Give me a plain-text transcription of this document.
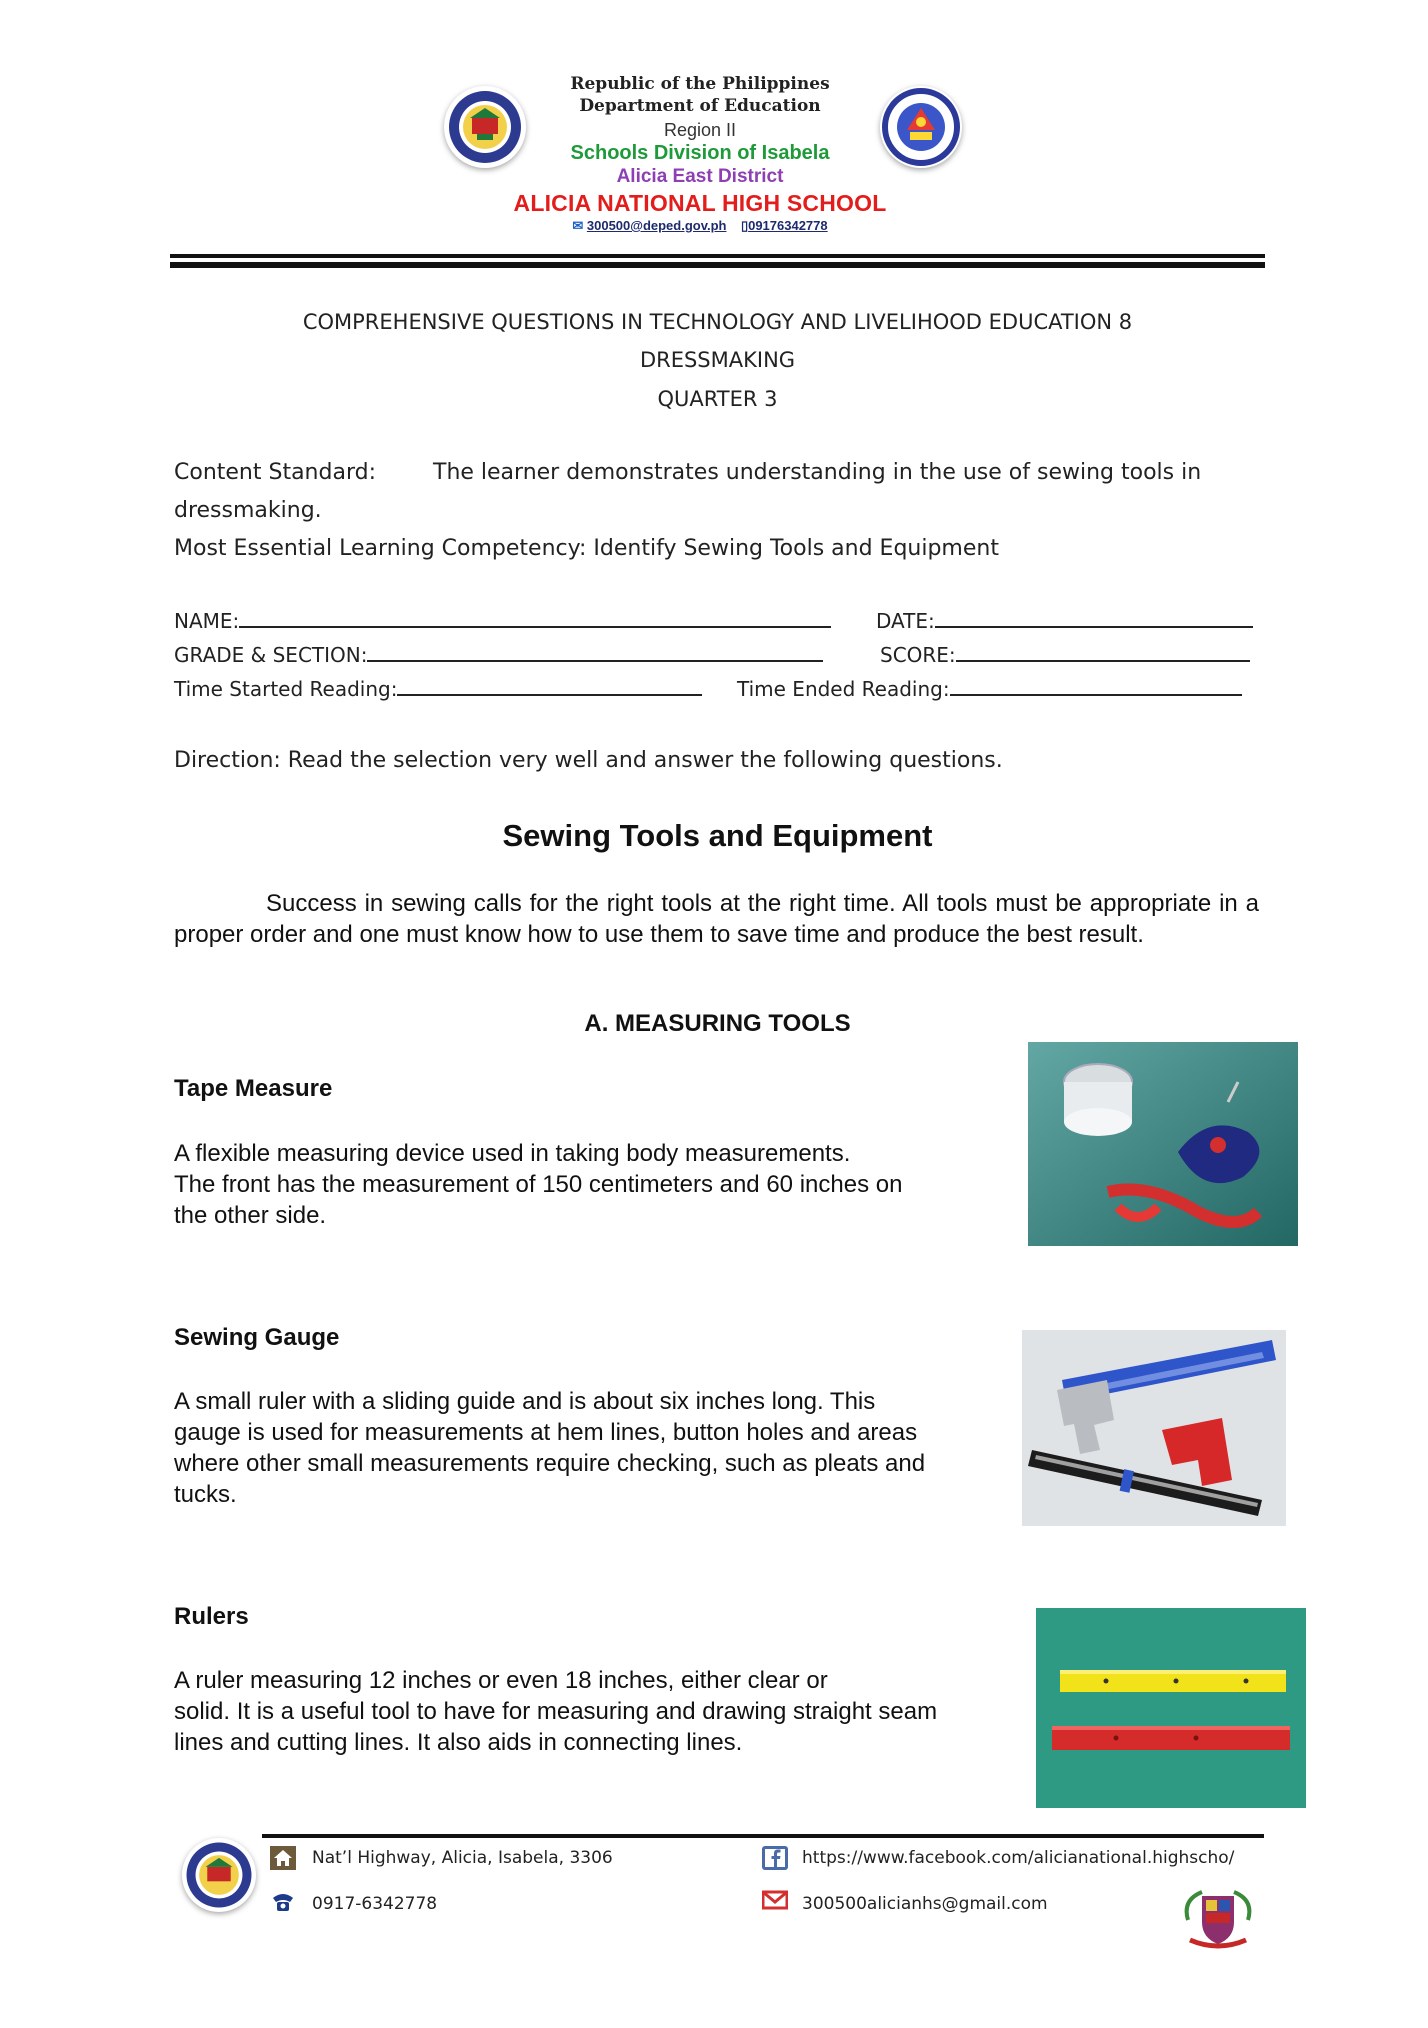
Republic of the Philippines
Department of Education
Region II
Schools Division of Isabela
Alicia East District
ALICIA NATIONAL HIGH SCHOOL
✉ 300500@deped.gov.ph ▯09176342778
COMPREHENSIVE QUESTIONS IN TECHNOLOGY AND LIVELIHOOD EDUCATION 8
DRESSMAKING
QUARTER 3
Content Standard:	The learner demonstrates understanding in the use of sewing tools in
dressmaking.
Most Essential Learning Competency: Identify Sewing Tools and Equipment
NAME:	DATE:
GRADE & SECTION:	SCORE:
Time Started Reading:	Time Ended Reading:
Direction: Read the selection very well and answer the following questions.
Sewing Tools and Equipment
Success in sewing calls for the right tools at the right time. All tools must be appropriate in a proper order and one must know how to use them to save time and produce the best result.
A. MEASURING TOOLS
Tape Measure
A flexible measuring device used in taking body measurements.
The front has the measurement of 150 centimeters and 60 inches on
the other side.
Sewing Gauge
A small ruler with a sliding guide and is about six inches long. This
gauge is used for measurements at hem lines, button holes and areas
where other small measurements require checking, such as pleats and
tucks.
Rulers
A ruler measuring 12 inches or even 18 inches, either clear or
solid. It is a useful tool to have for measuring and drawing straight seam
lines and cutting lines. It also aids in connecting lines.
Nat’l Highway, Alicia, Isabela, 3306
0917-6342778
https://www.facebook.com/alicianational.highscho/
300500alicianhs@gmail.com
